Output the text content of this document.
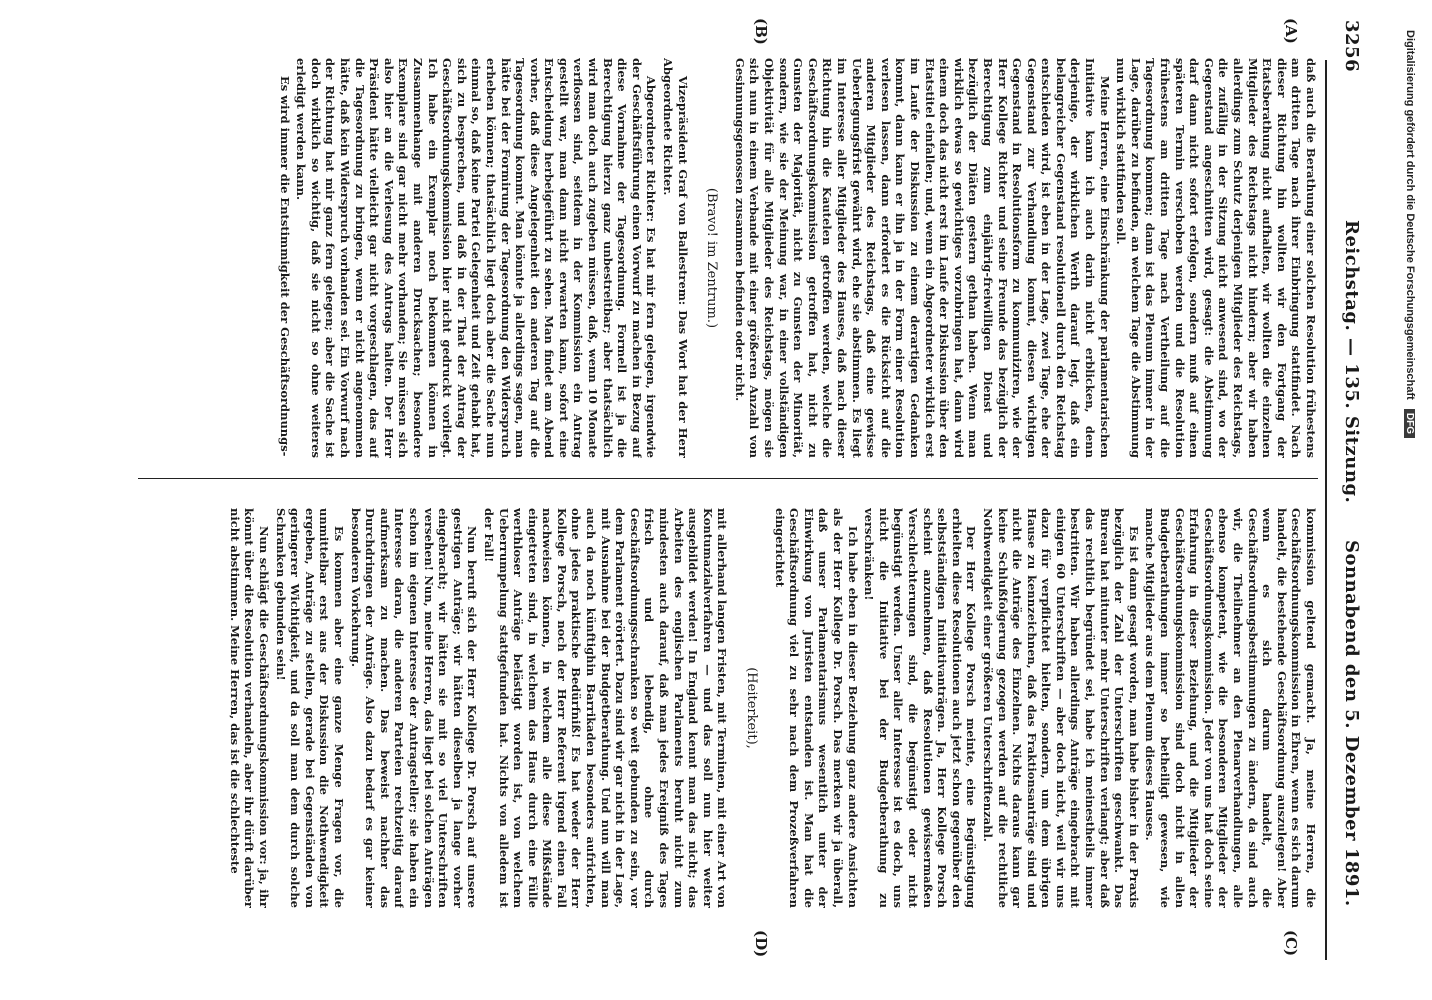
3256
Reichstag. — 135. Sitzung.
Sonnabend den 5. Dezember 1891.
(A)
(B)
(C)
(D)

daß auch die Berathung einer solchen Resolution frühestens am dritten Tage nach ihrer Einbringung stattfindet. Nach dieser Richtung hin wollten wir den Fortgang der Etatsberathung nicht aufhalten, wir wollten die einzelnen Mitglieder des Reichstags nicht hindern; aber wir haben allerdings zum Schutz derjenigen Mitglieder des Reichstags, die zufällig in der Sitzung nicht anwesend sind, wo der Gegenstand angeschnitten wird, gesagt: die Abstimmung darf dann nicht sofort erfolgen, sondern muß auf einen späteren Termin verschoben werden und die Resolution frühestens am dritten Tage nach Vertheilung auf die Tagesordnung kommen; dann ist das Plenum immer in der Lage, darüber zu befinden, an welchem Tage die Abstimmung nun wirklich stattfinden soll.

Meine Herren, eine Einschränkung der parlamentarischen Initiative kann ich auch darin nicht erblicken, denn derjenige, der wirklichen Werth darauf legt, daß ein belangreicher Gegenstand resolutionell durch den Reichstag entschieden wird, ist eben in der Lage, zwei Tage, ehe der Gegenstand zur Verhandlung kommt, diesen wichtigen Gegenstand in Resolutionsform zu kommuniziren, wie der Herr Kollege Richter und seine Freunde das bezüglich der Berechtigung zum einjährig-freiwilligen Dienst und bezüglich der Diäten gestern gethan haben. Wenn man wirklich etwas so gewichtiges vorzubringen hat, dann wird einem doch das nicht erst im Laufe der Diskussion über den Etatstitel einfallen; und, wenn ein Abgeordneter wirklich erst im Laufe der Diskussion zu einem derartigen Gedanken kommt, dann kann er ihn ja in der Form einer Resolution verlesen lassen, dann erfordert es die Rücksicht auf die anderen Mitglieder des Reichstags, daß eine gewisse Ueberlegungsfrist gewährt wird, ehe sie abstimmen. Es liegt im Interesse aller Mitglieder des Hauses, daß nach dieser Richtung hin die Kautelen getroffen werden, welche die Geschäftsordnungskommission getroffen hat, nicht zu Gunsten der Majorität, nicht zu Gunsten der Minorität, sondern, wie sie der Meinung war, in einer vollständigen Objektivität für alle Mitglieder des Reichstags, mögen sie sich nun in einem Verbande mit einer größeren Anzahl von Gesinnungsgenossen zusammen befinden oder nicht.

(Bravo! im Zentrum.)

Vizepräsident Graf von Ballestrem: Das Wort hat der Herr Abgeordnete Richter.

Abgeordneter Richter: Es hat mir fern gelegen, irgendwie der Geschäftsführung einen Vorwurf zu machen in Bezug auf diese Vornahme der Tagesordnung. Formell ist ja die Berechtigung hierzu ganz unbestreitbar; aber thatsächlich wird man doch auch zugeben müssen, daß, wenn 10 Monate verflossen sind, seitdem in der Kommission ein Antrag gestellt war, man dann nicht erwarten kann, sofort eine Entscheidung herbeigeführt zu sehen. Man findet am Abend vorher, daß diese Angelegenheit den anderen Tag auf die Tagesordnung kommt. Man könnte ja allerdings sagen, man hätte bei der Formirung der Tagesordnung den Widerspruch erheben können; thatsächlich liegt doch aber die Sache nun einmal so, daß keine Partei Gelegenheit und Zeit gehabt hat, sich zu besprechen, und daß in der That der Antrag der Geschäftsordnungskommission hier nicht gedruckt vorliegt. Ich habe ein Exemplar noch bekommen können in Zusammenhange mit anderen Drucksachen; besondere Exemplare sind gar nicht mehr vorhanden; Sie müssen sich also hier an die Verlesung des Antrags halten. Der Herr Präsident hätte vielleicht gar nicht vorgeschlagen, das auf die Tagesordnung zu bringen, wenn er nicht angenommen hätte, daß kein Widerspruch vorhanden sei. Ein Vorwurf nach der Richtung hat mir ganz fern gelegen; aber die Sache ist doch wirklich so wichtig, daß sie nicht so ohne weiteres erledigt werden kann.

Es wird immer die Entstimmigkeit der Geschäftsordnungs-

kommission geltend gemacht. Ja, meine Herren, die Geschäftsordnungskommission in Ehren, wenn es sich darum handelt, die bestehende Geschäftsordnung auszulegen! Aber wenn es sich darum handelt, die Geschäftsordnungsbestimmungen zu ändern, da sind auch wir, die Theilnehmer an den Plenarverhandlungen, alle ebenso kompetent, wie die besonderen Mitglieder der Geschäftsordnungskommission. Jeder von uns hat doch seine Erfahrung in dieser Beziehung, und die Mitglieder der Geschäftsordnungskommission sind doch nicht in allen Budgetberathungen immer so betheiligt gewesen, wie manche Mitglieder aus dem Plenum dieses Hauses.

Es ist dann gesagt worden, man habe bisher in der Praxis bezüglich der Zahl der Unterschriften geschwankt. Das Bureau hat mitunter mehr Unterschriften verlangt; aber daß das rechtlich begründet sei, habe ich meinestheils immer bestritten. Wir haben allerdings Anträge eingebracht mit einigen 60 Unterschriften — aber doch nicht, weil wir uns dazu für verpflichtet hielten, sondern, um dem übrigen Hause zu kennzeichnen, daß das Fraktionsanträge sind und nicht die Anträge des Einzelnen. Nichts daraus kann gar keine Schlußfolgerung gezogen werden auf die rechtliche Nothwendigkeit einer größeren Unterschriftenzahl.

Der Herr Kollege Porsch meinte, eine Begünstigung erhielten diese Resolutionen auch jetzt schon gegenüber den selbstständigen Initiativanträgen. Ja, Herr Kollege Porsch scheint anzunehmen, daß Resolutionen gewissermaßen Verschlechterungen sind, die begünstigt oder nicht begünstigt werden. Unser aller Interesse ist es doch, uns nicht die Initiative bei der Budgetberathung zu verschränken!

Ich habe eben in dieser Beziehung ganz andere Ansichten als der Herr Kollege Dr. Porsch. Das merken wir ja überall, daß unser Parlamentarismus wesentlich unter der Einwirkung von Juristen entstanden ist. Man hat die Geschäftsordnung viel zu sehr nach dem Prozeßverfahren eingerichtet

(Heiterkeit),

mit allerhand langen Fristen, mit Terminen, mit einer Art von Kontumazialverfahren — und das soll nun hier weiter ausgebildet werden! In England kennt man das nicht; das Arbeiten des englischen Parlaments beruht nicht zum mindesten auch darauf, daß man jedes Ereigniß des Tages frisch und lebendig, ohne durch Geschäftsordnungsschranken so weit gebunden zu sein, vor dem Parlament erörtert. Dazu sind wir gar nicht in der Lage, mit Ausnahme bei der Budgetberathung. Und nun will man auch da noch künftighin Barrikaden besonders aufrichten, ohne jedes praktische Bedürfniß! Es hat weder der Herr Kollege Porsch, noch der Herr Referent irgend einen Fall nachweisen können, in welchem alle diese Mißstände eingetreten sind, in welchem das Haus durch eine Fülle werthloser Anträge belästigt worden ist, von welchem Ueberrumpelung stattgefunden hat. Nichts von alledem ist der Fall!

Nun beruft sich der Herr Kollege Dr. Porsch auf unsere gestrigen Anträge; wir hätten dieselben ja lange vorher eingebracht; wir hätten sie mit so viel Unterschriften versehen! Nun, meine Herren, das liegt bei solchen Anträgen schon im eigenen Interesse der Antragsteller; sie haben ein Interesse daran, die anderen Parteien rechtzeitig darauf aufmerksam zu machen. Das beweist nachher das Durchdringen der Anträge. Also dazu bedarf es gar keiner besonderen Vorkehrung.

Es kommen aber eine ganze Menge Fragen vor, die unmittelbar erst aus der Diskussion die Nothwendigkeit ergeben, Anträge zu stellen, gerade bei Gegenständen von geringerer Wichtigkeit, und da soll man dem durch solche Schranken gebunden sein!

Nun schlägt die Geschäftsordnungskommission vor: ja, ihr könnt über die Resolution verhandeln, aber ihr dürft darüber nicht abstimmen. Meine Herren, das ist die schlechteste

Digitalisierung gefördert durch die Deutsche Forschungsgemeinschaft DFG
